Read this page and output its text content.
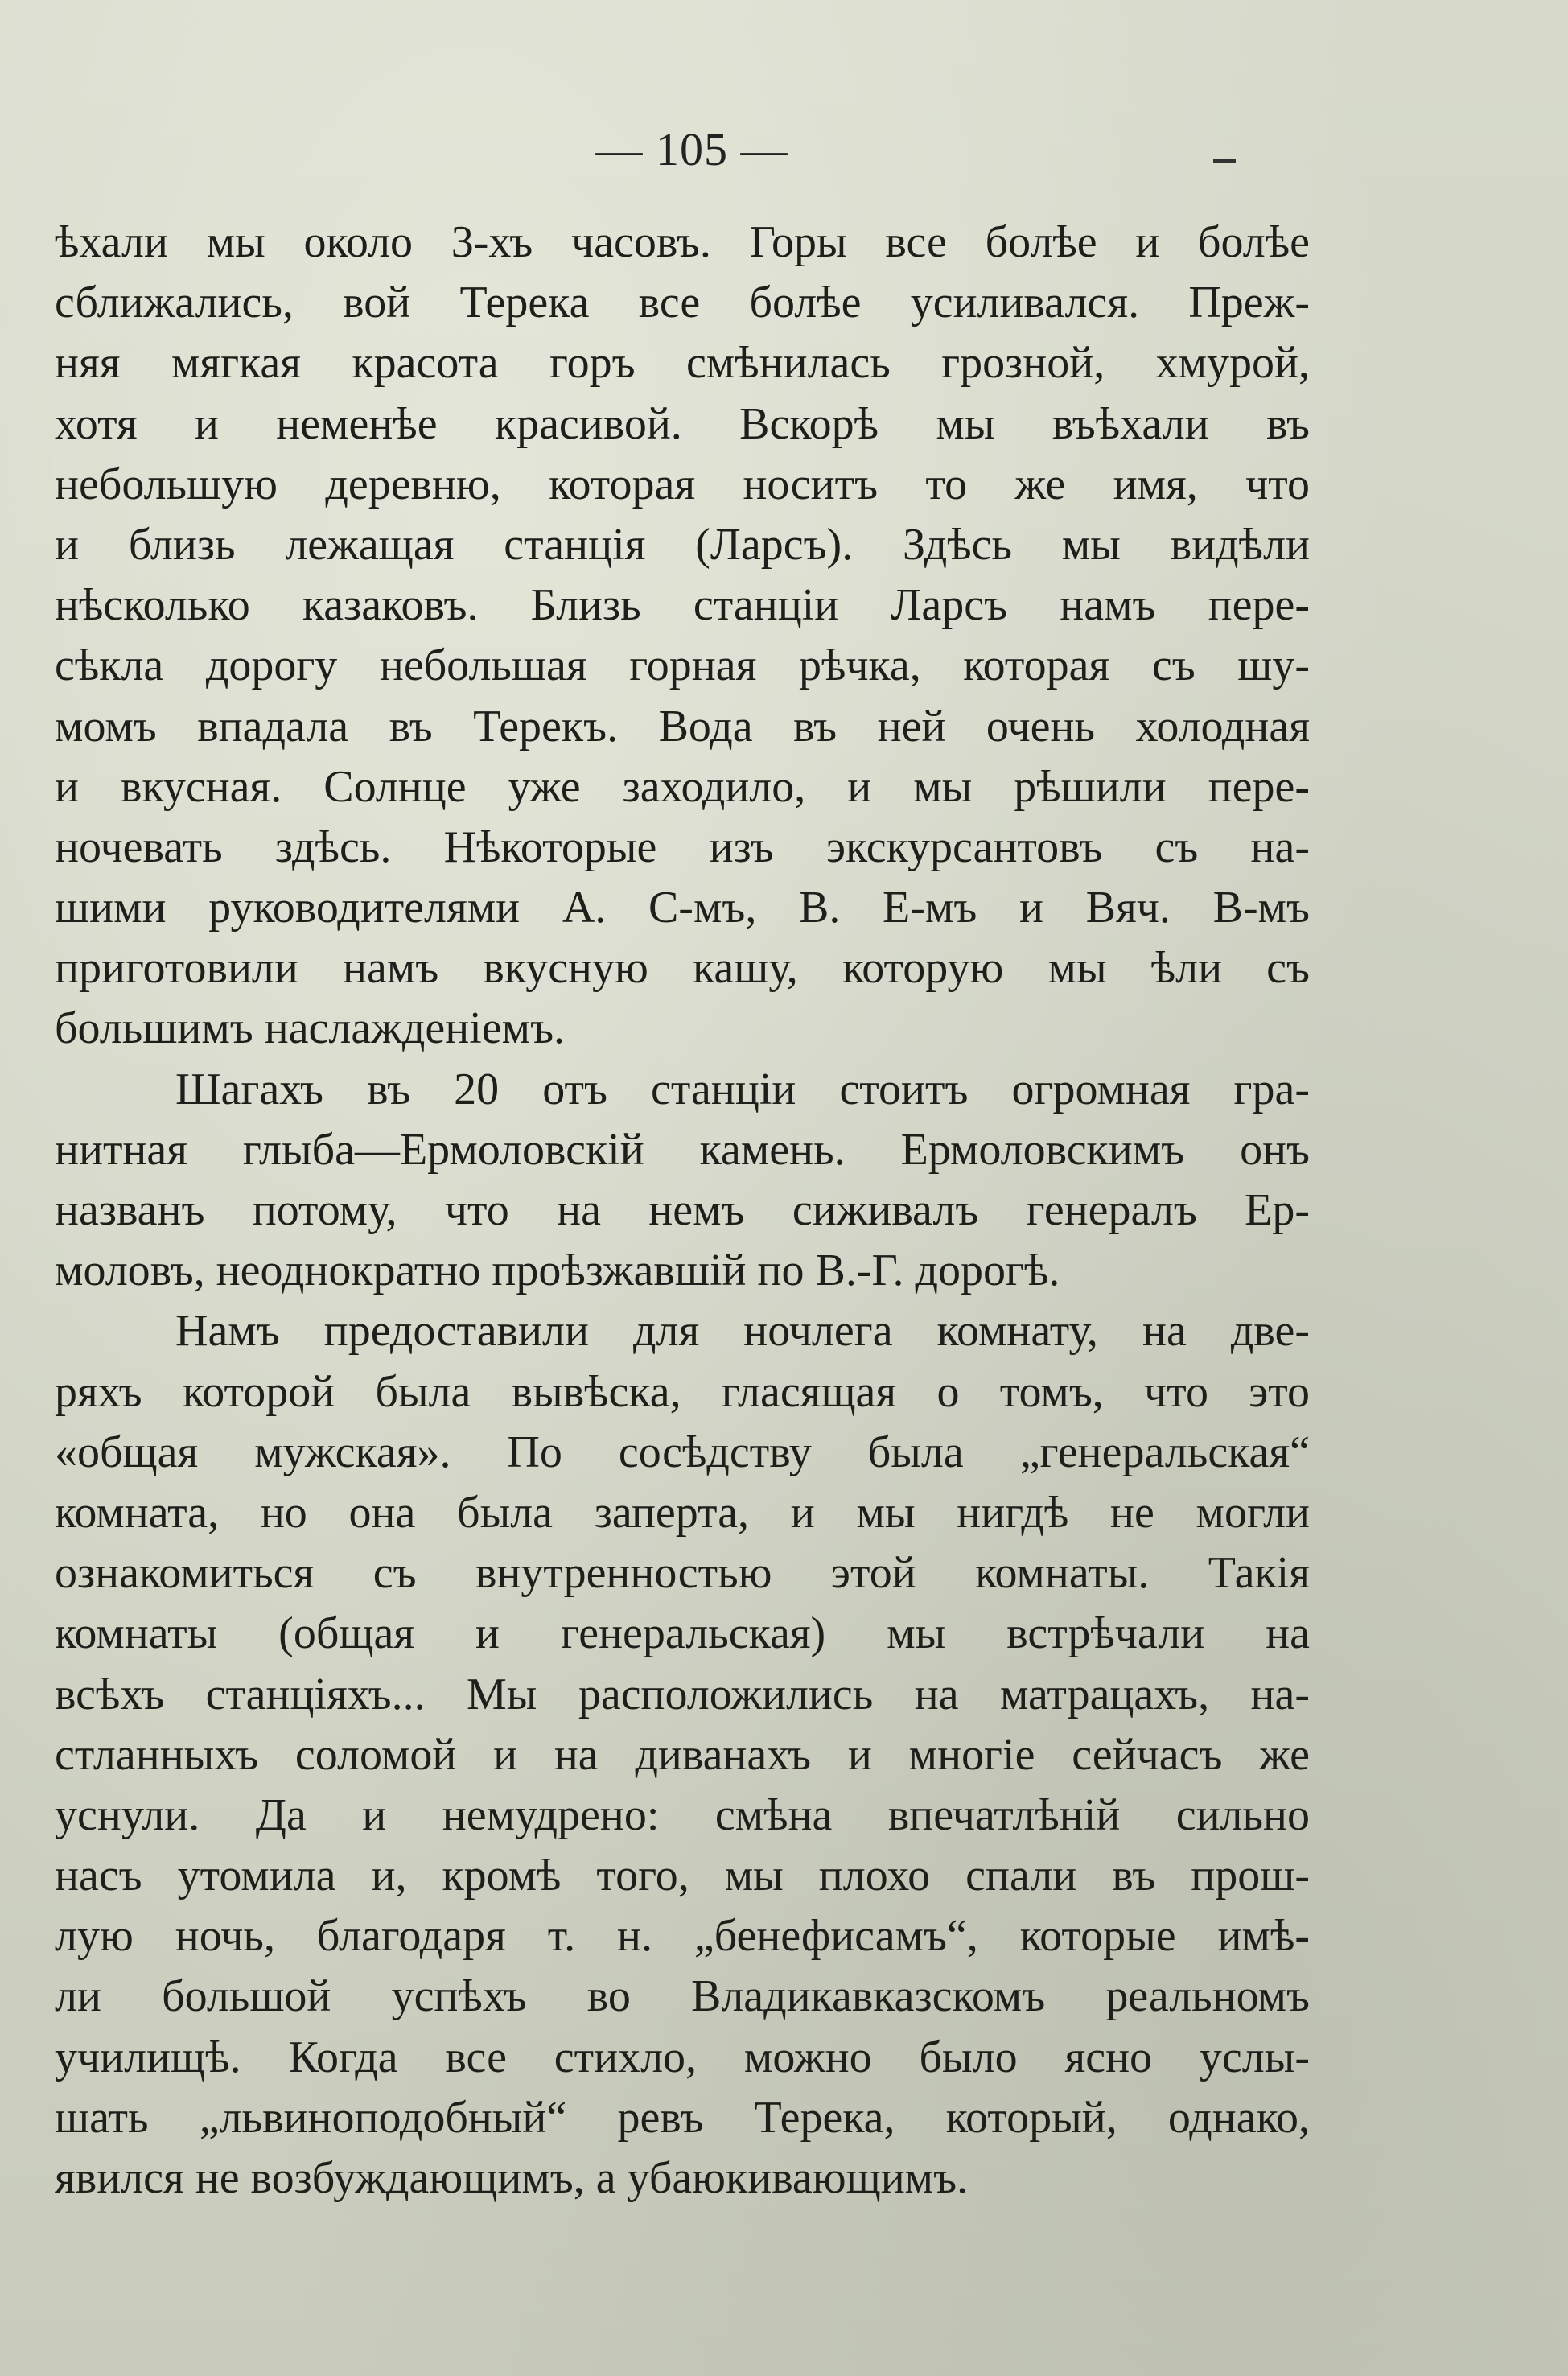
— 105 —
ѣхали мы около 3-хъ часовъ. Горы все болѣе и болѣе
сближались, вой Терека все болѣе усиливался. Преж-
няя мягкая красота горъ смѣнилась грозной, хмурой,
хотя и неменѣе красивой. Вскорѣ мы въѣхали въ
небольшую деревню, которая носитъ то же имя, что
и близь лежащая станція (Ларсъ). Здѣсь мы видѣли
нѣсколько казаковъ. Близь станціи Ларсъ намъ пере-
сѣкла дорогу небольшая горная рѣчка, которая съ шу-
момъ впадала въ Терекъ. Вода въ ней очень холодная
и вкусная. Солнце уже заходило, и мы рѣшили пере-
ночевать здѣсь. Нѣкоторые изъ экскурсантовъ съ на-
шими руководителями А. С-мъ, В. Е-мъ и Вяч. В-мъ
приготовили намъ вкусную кашу, которую мы ѣли съ
большимъ наслажденіемъ.
Шагахъ въ 20 отъ станціи стоитъ огромная гра-
нитная глыба—Ермоловскій камень. Ермоловскимъ онъ
названъ потому, что на немъ сиживалъ генералъ Ер-
моловъ, неоднократно проѣзжавшій по В.-Г. дорогѣ.
Намъ предоставили для ночлега комнату, на две-
ряхъ которой была вывѣска, гласящая о томъ, что это
«общая мужская». По сосѣдству была „генеральская“
комната, но она была заперта, и мы нигдѣ не могли
ознакомиться съ внутренностью этой комнаты. Такія
комнаты (общая и генеральская) мы встрѣчали на
всѣхъ станціяхъ... Мы расположились на матрацахъ, на-
стланныхъ соломой и на диванахъ и многіе сейчасъ же
уснули. Да и немудрено: смѣна впечатлѣній сильно
насъ утомила и, кромѣ того, мы плохо спали въ прош-
лую ночь, благодаря т. н. „бенефисамъ“, которые имѣ-
ли большой успѣхъ во Владикавказскомъ реальномъ
училищѣ. Когда все стихло, можно было ясно услы-
шать „львиноподобный“ ревъ Терека, который, однако,
явился не возбуждающимъ, а убаюкивающимъ.
